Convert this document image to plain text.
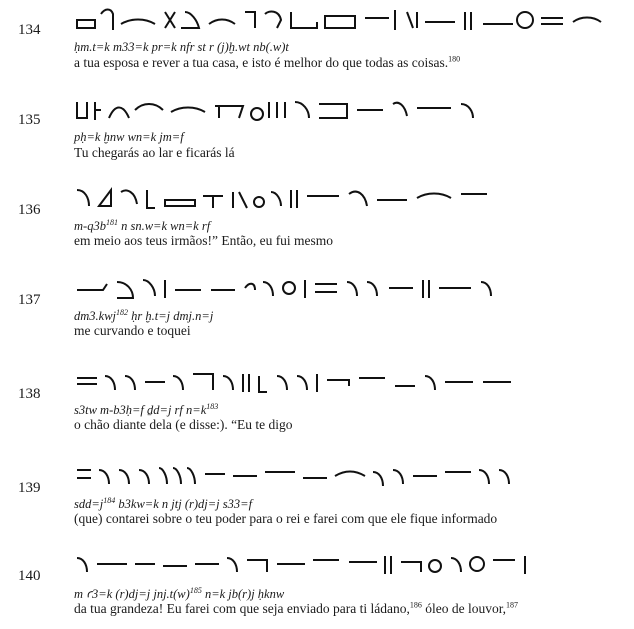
134
ḥm.t=k m33=k pr=k nfr st r (j)ḫ.wt nb(.w)t
a tua esposa e rever a tua casa, e isto é melhor do que todas as coisas.$^{180}$
135
pḥ=k ḫnw wn=k jm=f
Tu chegarás ao lar e ficarás lá
136
$m-q3b^{181}$ n sn.w=k wn=k rf
em meio aos teus irmãos!” Então, eu fui mesmo
137
dm3.kwj$^{182}$ ḥr ḫ.t=j dmj.n=j
me curvando e toquei
138
s3tw m-b3ḥ=f ḏd=j rf $n=k^{183}$
o chão diante dela (e disse:). “Eu te digo
139
$sdd=j^{184}$ b3kw=k n jtj (r)dj=j s33=f
(que) contarei sobre o teu poder para o rei e farei com que ele fique informado
140
m ꜥ3=k (r)dj=j $jnj.t(w)^{185}$ n=k jb(r)j ḥknw
da tua grandeza! Eu farei com que seja enviado para ti ládano,$^{186}$ óleo de louvor,$^{187}$
